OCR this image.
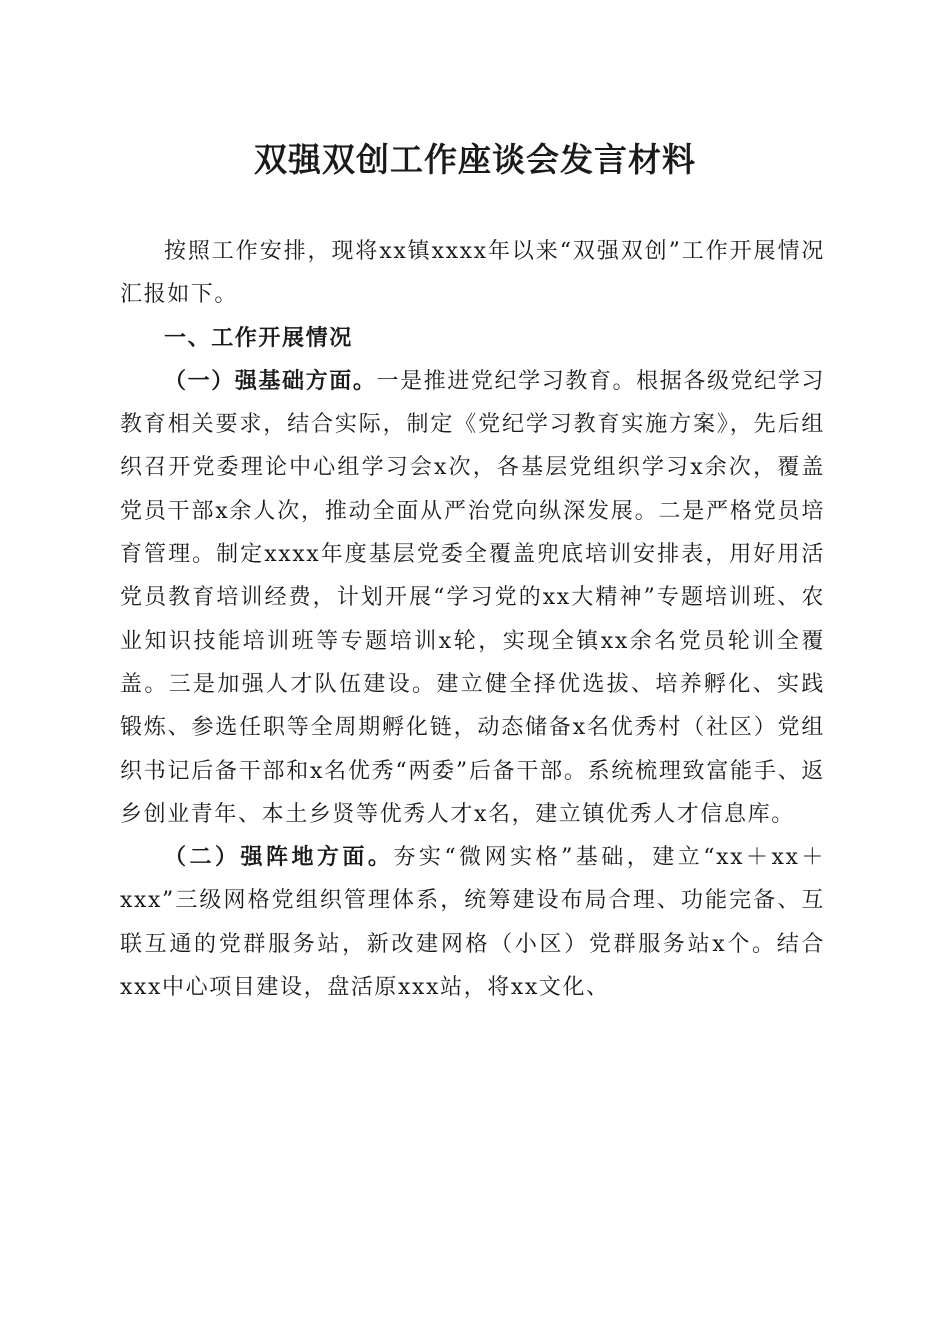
双强双创工作座谈会发言材料

按照工作安排，现将xx镇xxxx年以来“双强双创”工作开展情况汇报如下。

一、工作开展情况

（一）强基础方面。一是推进党纪学习教育。根据各级党纪学习教育相关要求，结合实际，制定《党纪学习教育实施方案》，先后组织召开党委理论中心组学习会x次，各基层党组织学习x余次，覆盖党员干部x余人次，推动全面从严治党向纵深发展。二是严格党员培育管理。制定xxxx年度基层党委全覆盖兜底培训安排表，用好用活党员教育培训经费，计划开展“学习党的xx大精神”专题培训班、农业知识技能培训班等专题培训x轮，实现全镇xx余名党员轮训全覆盖。三是加强人才队伍建设。建立健全择优选拔、培养孵化、实践锻炼、参选任职等全周期孵化链，动态储备x名优秀村（社区）党组织书记后备干部和x名优秀“两委”后备干部。系统梳理致富能手、返乡创业青年、本土乡贤等优秀人才x名，建立镇优秀人才信息库。

（二）强阵地方面。夯实“微网实格”基础，建立“xx＋xx＋xxx”三级网格党组织管理体系，统筹建设布局合理、功能完备、互联互通的党群服务站，新改建网格（小区）党群服务站x个。结合xxx中心项目建设，盘活原xxx站，将xx文化、
